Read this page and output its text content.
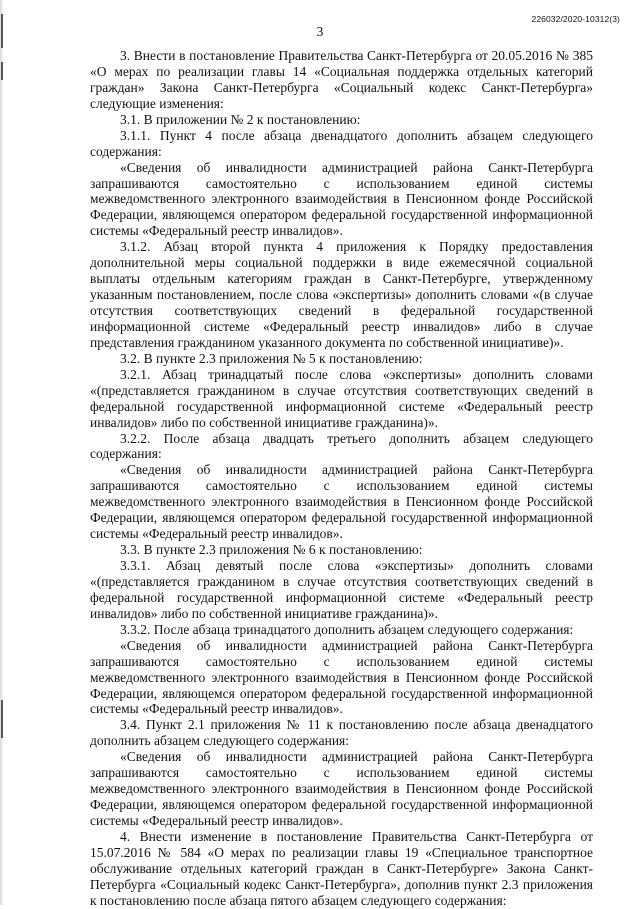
226032/2020-10312(3)
3

3. Внести в постановление Правительства Санкт-Петербурга от 20.05.2016 № 385 «О мерах по реализации главы 14 «Социальная поддержка отдельных категорий граждан» Закона Санкт-Петербурга «Социальный кодекс Санкт-Петербурга» следующие изменения:

3.1. В приложении № 2 к постановлению:

3.1.1. Пункт 4 после абзаца двенадцатого дополнить абзацем следующего содержания:

«Сведения об инвалидности администрацией района Санкт-Петербурга запрашиваются самостоятельно с использованием единой системы межведомственного электронного взаимодействия в Пенсионном фонде Российской Федерации, являющемся оператором федеральной государственной информационной системы «Федеральный реестр инвалидов».

3.1.2. Абзац второй пункта 4 приложения к Порядку предоставления дополнительной меры социальной поддержки в виде ежемесячной социальной выплаты отдельным категориям граждан в Санкт-Петербурге, утвержденному указанным постановлением, после слова «экспертизы» дополнить словами «(в случае отсутствия соответствующих сведений в федеральной государственной информационной системе «Федеральный реестр инвалидов» либо в случае представления гражданином указанного документа по собственной инициативе)».

3.2. В пункте 2.3 приложения № 5 к постановлению:

3.2.1. Абзац тринадцатый после слова «экспертизы» дополнить словами «(представляется гражданином в случае отсутствия соответствующих сведений в федеральной государственной информационной системе «Федеральный реестр инвалидов» либо по собственной инициативе гражданина)».

3.2.2. После абзаца двадцать третьего дополнить абзацем следующего содержания:

«Сведения об инвалидности администрацией района Санкт-Петербурга запрашиваются самостоятельно с использованием единой системы межведомственного электронного взаимодействия в Пенсионном фонде Российской Федерации, являющемся оператором федеральной государственной информационной системы «Федеральный реестр инвалидов».

3.3. В пункте 2.3 приложения № 6 к постановлению:

3.3.1. Абзац девятый после слова «экспертизы» дополнить словами «(представляется гражданином в случае отсутствия соответствующих сведений в федеральной государственной информационной системе «Федеральный реестр инвалидов» либо по собственной инициативе гражданина)».

3.3.2. После абзаца тринадцатого дополнить абзацем следующего содержания:

«Сведения об инвалидности администрацией района Санкт-Петербурга запрашиваются самостоятельно с использованием единой системы межведомственного электронного взаимодействия в Пенсионном фонде Российской Федерации, являющемся оператором федеральной государственной информационной системы «Федеральный реестр инвалидов».

3.4. Пункт 2.1 приложения № 11 к постановлению после абзаца двенадцатого дополнить абзацем следующего содержания:

«Сведения об инвалидности администрацией района Санкт-Петербурга запрашиваются самостоятельно с использованием единой системы межведомственного электронного взаимодействия в Пенсионном фонде Российской Федерации, являющемся оператором федеральной государственной информационной системы «Федеральный реестр инвалидов».

4. Внести изменение в постановление Правительства Санкт-Петербурга от 15.07.2016 № 584 «О мерах по реализации главы 19 «Специальное транспортное обслуживание отдельных категорий граждан в Санкт-Петербурге» Закона Санкт-Петербурга «Социальный кодекс Санкт-Петербурга», дополнив пункт 2.3 приложения к постановлению после абзаца пятого абзацем следующего содержания:
